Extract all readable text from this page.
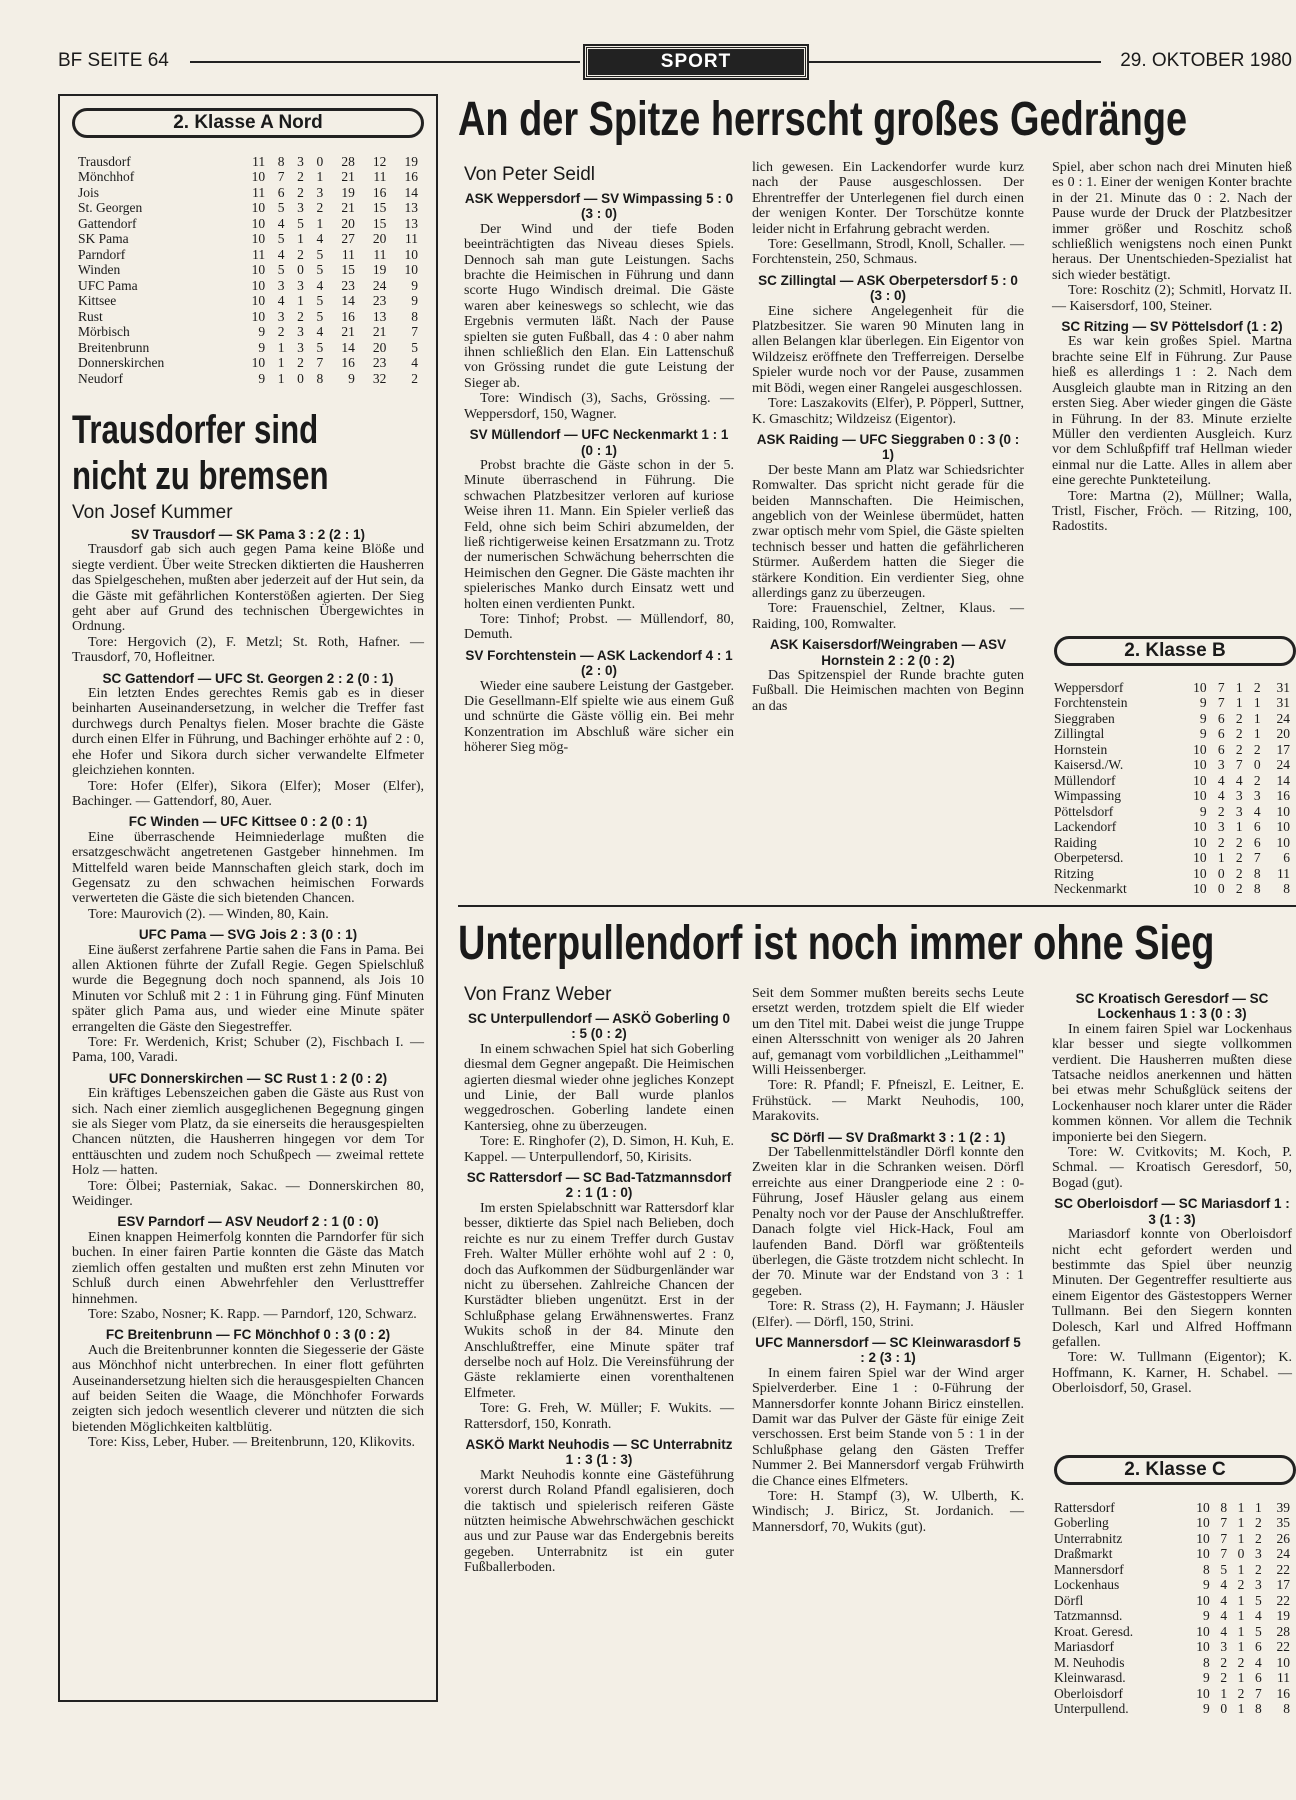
BF SEITE 64	SPORT	29. OKTOBER 1980
2. Klasse A Nord
Trausdorf	11	8	3	0	28	12	19
Mönchhof	10	7	2	1	21	11	16
Jois	11	6	2	3	19	16	14
St. Georgen	10	5	3	2	21	15	13
Gattendorf	10	4	5	1	20	15	13
SK Pama	10	5	1	4	27	20	11
Parndorf	11	4	2	5	11	11	10
Winden	10	5	0	5	15	19	10
UFC Pama	10	3	3	4	23	24	9
Kittsee	10	4	1	5	14	23	9
Rust	10	3	2	5	16	13	8
Mörbisch	9	2	3	4	21	21	7
Breitenbrunn	9	1	3	5	14	20	5
Donnerskirchen	10	1	2	7	16	23	4
Neudorf	9	1	0	8	9	32	2
Trausdorfer sind
nicht zu bremsen
Von Josef Kummer

SV Trausdorf — SK Pama 3 : 2 (2 : 1)

Trausdorf gab sich auch gegen Pama keine Blöße und siegte verdient. Über weite Strecken diktierten die Hausherren das Spielgeschehen, mußten aber jederzeit auf der Hut sein, da die Gäste mit gefährlichen Konterstößen agierten. Der Sieg geht aber auf Grund des technischen Übergewichtes in Ordnung.

Tore: Hergovich (2), F. Metzl; St. Roth, Hafner. — Trausdorf, 70, Hofleitner.

SC Gattendorf — UFC St. Georgen 2 : 2 (0 : 1)

Ein letzten Endes gerechtes Remis gab es in dieser beinharten Auseinandersetzung, in welcher die Treffer fast durchwegs durch Penaltys fielen. Moser brachte die Gäste durch einen Elfer in Führung, und Bachinger erhöhte auf 2 : 0, ehe Hofer und Sikora durch sicher verwandelte Elfmeter gleichziehen konnten.

Tore: Hofer (Elfer), Sikora (Elfer); Moser (Elfer), Bachinger. — Gattendorf, 80, Auer.

FC Winden — UFC Kittsee 0 : 2 (0 : 1)

Eine überraschende Heimniederlage mußten die ersatzgeschwächt angetretenen Gastgeber hinnehmen. Im Mittelfeld waren beide Mannschaften gleich stark, doch im Gegensatz zu den schwachen heimischen Forwards verwerteten die Gäste die sich bietenden Chancen.

Tore: Maurovich (2). — Winden, 80, Kain.

UFC Pama — SVG Jois 2 : 3 (0 : 1)

Eine äußerst zerfahrene Partie sahen die Fans in Pama. Bei allen Aktionen führte der Zufall Regie. Gegen Spielschluß wurde die Begegnung doch noch spannend, als Jois 10 Minuten vor Schluß mit 2 : 1 in Führung ging. Fünf Minuten später glich Pama aus, und wieder eine Minute später errangelten die Gäste den Siegestreffer.

Tore: Fr. Werdenich, Krist; Schuber (2), Fischbach I. — Pama, 100, Varadi.

UFC Donnerskirchen — SC Rust 1 : 2 (0 : 2)

Ein kräftiges Lebenszeichen gaben die Gäste aus Rust von sich. Nach einer ziemlich ausgeglichenen Begegnung gingen sie als Sieger vom Platz, da sie einerseits die herausgespielten Chancen nützten, die Hausherren hingegen vor dem Tor enttäuschten und zudem noch Schußpech — zweimal rettete Holz — hatten.

Tore: Ölbei; Pasterniak, Sakac. — Donnerskirchen 80, Weidinger.

ESV Parndorf — ASV Neudorf 2 : 1 (0 : 0)

Einen knappen Heimerfolg konnten die Parndorfer für sich buchen. In einer fairen Partie konnten die Gäste das Match ziemlich offen gestalten und mußten erst zehn Minuten vor Schluß durch einen Abwehrfehler den Verlusttreffer hinnehmen.

Tore: Szabo, Nosner; K. Rapp. — Parndorf, 120, Schwarz.

FC Breitenbrunn — FC Mönchhof 0 : 3 (0 : 2)

Auch die Breitenbrunner konnten die Siegesserie der Gäste aus Mönchhof nicht unterbrechen. In einer flott geführten Auseinandersetzung hielten sich die herausgespielten Chancen auf beiden Seiten die Waage, die Mönchhofer Forwards zeigten sich jedoch wesentlich cleverer und nützten die sich bietenden Möglichkeiten kaltblütig.

Tore: Kiss, Leber, Huber. — Breitenbrunn, 120, Klikovits.

An der Spitze herrscht großes Gedränge
Von Peter Seidl

ASK Weppersdorf — SV Wimpassing 5 : 0 (3 : 0)

Der Wind und der tiefe Boden beeinträchtigten das Niveau dieses Spiels. Dennoch sah man gute Leistungen. Sachs brachte die Heimischen in Führung und dann scorte Hugo Windisch dreimal. Die Gäste waren aber keineswegs so schlecht, wie das Ergebnis vermuten läßt. Nach der Pause spielten sie guten Fußball, das 4 : 0 aber nahm ihnen schließlich den Elan. Ein Lattenschuß von Grössing rundet die gute Leistung der Sieger ab.

Tore: Windisch (3), Sachs, Grössing. — Weppersdorf, 150, Wagner.

SV Müllendorf — UFC Neckenmarkt 1 : 1 (0 : 1)

Probst brachte die Gäste schon in der 5. Minute überraschend in Führung. Die schwachen Platzbesitzer verloren auf kuriose Weise ihren 11. Mann. Ein Spieler verließ das Feld, ohne sich beim Schiri abzumelden, der ließ richtigerweise keinen Ersatzmann zu. Trotz der numerischen Schwächung beherrschten die Heimischen den Gegner. Die Gäste machten ihr spielerisches Manko durch Einsatz wett und holten einen verdienten Punkt.

Tore: Tinhof; Probst. — Müllendorf, 80, Demuth.

SV Forchtenstein — ASK Lackendorf 4 : 1 (2 : 0)

Wieder eine saubere Leistung der Gastgeber. Die Gesellmann-Elf spielte wie aus einem Guß und schnürte die Gäste völlig ein. Bei mehr Konzentration im Abschluß wäre sicher ein höherer Sieg mög-

lich gewesen. Ein Lackendorfer wurde kurz nach der Pause ausgeschlossen. Der Ehrentreffer der Unterlegenen fiel durch einen der wenigen Konter. Der Torschütze konnte leider nicht in Erfahrung gebracht werden.

Tore: Gesellmann, Strodl, Knoll, Schaller. — Forchtenstein, 250, Schmaus.

SC Zillingtal — ASK Oberpetersdorf 5 : 0 (3 : 0)

Eine sichere Angelegenheit für die Platzbesitzer. Sie waren 90 Minuten lang in allen Belangen klar überlegen. Ein Eigentor von Wildzeisz eröffnete den Trefferreigen. Derselbe Spieler wurde noch vor der Pause, zusammen mit Bödi, wegen einer Rangelei ausgeschlossen.

Tore: Laszakovits (Elfer), P. Pöpperl, Suttner, K. Gmaschitz; Wildzeisz (Eigentor).

ASK Raiding — UFC Sieggraben 0 : 3 (0 : 1)

Der beste Mann am Platz war Schiedsrichter Romwalter. Das spricht nicht gerade für die beiden Mannschaften. Die Heimischen, angeblich von der Weinlese übermüdet, hatten zwar optisch mehr vom Spiel, die Gäste spielten technisch besser und hatten die gefährlicheren Stürmer. Außerdem hatten die Sieger die stärkere Kondition. Ein verdienter Sieg, ohne allerdings ganz zu überzeugen.

Tore: Frauenschiel, Zeltner, Klaus. — Raiding, 100, Romwalter.

ASK Kaisersdorf/Weingraben — ASV Hornstein 2 : 2 (0 : 2)

Das Spitzenspiel der Runde brachte guten Fußball. Die Heimischen machten von Beginn an das

Spiel, aber schon nach drei Minuten hieß es 0 : 1. Einer der wenigen Konter brachte in der 21. Minute das 0 : 2. Nach der Pause wurde der Druck der Platzbesitzer immer größer und Roschitz schoß schließlich wenigstens noch einen Punkt heraus. Der Unentschieden-Spezialist hat sich wieder bestätigt.

Tore: Roschitz (2); Schmitl, Horvatz II. — Kaisersdorf, 100, Steiner.

SC Ritzing — SV Pöttelsdorf (1 : 2)

Es war kein großes Spiel. Martna brachte seine Elf in Führung. Zur Pause hieß es allerdings 1 : 2. Nach dem Ausgleich glaubte man in Ritzing an den ersten Sieg. Aber wieder gingen die Gäste in Führung. In der 83. Minute erzielte Müller den verdienten Ausgleich. Kurz vor dem Schlußpfiff traf Hellman wieder einmal nur die Latte. Alles in allem aber eine gerechte Punkteteilung.

Tore: Martna (2), Müllner; Walla, Tristl, Fischer, Fröch. — Ritzing, 100, Radostits.

2. Klasse B
Weppersdorf	10	7	1	2	31
Forchtenstein	9	7	1	1	31
Sieggraben	9	6	2	1	24
Zillingtal	9	6	2	1	20
Hornstein	10	6	2	2	17
Kaisersd./W.	10	3	7	0	24
Müllendorf	10	4	4	2	14
Wimpassing	10	4	3	3	16
Pöttelsdorf	9	2	3	4	10
Lackendorf	10	3	1	6	10
Raiding	10	2	2	6	10
Oberpetersd.	10	1	2	7	6
Ritzing	10	0	2	8	11
Neckenmarkt	10	0	2	8	8
Unterpullendorf ist noch immer ohne Sieg
Von Franz Weber

SC Unterpullendorf — ASKÖ Goberling 0 : 5 (0 : 2)

In einem schwachen Spiel hat sich Goberling diesmal dem Gegner angepaßt. Die Heimischen agierten diesmal wieder ohne jegliches Konzept und Linie, der Ball wurde planlos weggedroschen. Goberling landete einen Kantersieg, ohne zu überzeugen.

Tore: E. Ringhofer (2), D. Simon, H. Kuh, E. Kappel. — Unterpullendorf, 50, Kirisits.

SC Rattersdorf — SC Bad-Tatzmannsdorf 2 : 1 (1 : 0)

Im ersten Spielabschnitt war Rattersdorf klar besser, diktierte das Spiel nach Belieben, doch reichte es nur zu einem Treffer durch Gustav Freh. Walter Müller erhöhte wohl auf 2 : 0, doch das Aufkommen der Südburgenländer war nicht zu übersehen. Zahlreiche Chancen der Kurstädter blieben ungenützt. Erst in der Schlußphase gelang Erwähnenswertes. Franz Wukits schoß in der 84. Minute den Anschlußtreffer, eine Minute später traf derselbe noch auf Holz. Die Vereinsführung der Gäste reklamierte einen vorenthaltenen Elfmeter.

Tore: G. Freh, W. Müller; F. Wukits. — Rattersdorf, 150, Konrath.

ASKÖ Markt Neuhodis — SC Unterrabnitz 1 : 3 (1 : 3)

Markt Neuhodis konnte eine Gästeführung vorerst durch Roland Pfandl egalisieren, doch die taktisch und spielerisch reiferen Gäste nützten heimische Abwehrschwächen geschickt aus und zur Pause war das Endergebnis bereits gegeben. Unterrabnitz ist ein guter Fußballerboden.

Seit dem Sommer mußten bereits sechs Leute ersetzt werden, trotzdem spielt die Elf wieder um den Titel mit. Dabei weist die junge Truppe einen Altersschnitt von weniger als 20 Jahren auf, gemanagt vom vorbildlichen „Leithammel" Willi Heissenberger.

Tore: R. Pfandl; F. Pfneiszl, E. Leitner, E. Frühstück. — Markt Neuhodis, 100, Marakovits.

SC Dörfl — SV Draßmarkt 3 : 1 (2 : 1)

Der Tabellenmittelständler Dörfl konnte den Zweiten klar in die Schranken weisen. Dörfl erreichte aus einer Drangperiode eine 2 : 0-Führung, Josef Häusler gelang aus einem Penalty noch vor der Pause der Anschlußtreffer. Danach folgte viel Hick-Hack, Foul am laufenden Band. Dörfl war größtenteils überlegen, die Gäste trotzdem nicht schlecht. In der 70. Minute war der Endstand von 3 : 1 gegeben.

Tore: R. Strass (2), H. Faymann; J. Häusler (Elfer). — Dörfl, 150, Strini.

UFC Mannersdorf — SC Kleinwarasdorf 5 : 2 (3 : 1)

In einem fairen Spiel war der Wind arger Spielverderber. Eine 1 : 0-Führung der Mannersdorfer konnte Johann Biricz einstellen. Damit war das Pulver der Gäste für einige Zeit verschossen. Erst beim Stande von 5 : 1 in der Schlußphase gelang den Gästen Treffer Nummer 2. Bei Mannersdorf vergab Frühwirth die Chance eines Elfmeters.

Tore: H. Stampf (3), W. Ulberth, K. Windisch; J. Biricz, St. Jordanich. — Mannersdorf, 70, Wukits (gut).

SC Kroatisch Geresdorf — SC Lockenhaus 1 : 3 (0 : 3)

In einem fairen Spiel war Lockenhaus klar besser und siegte vollkommen verdient. Die Hausherren mußten diese Tatsache neidlos anerkennen und hätten bei etwas mehr Schußglück seitens der Lockenhauser noch klarer unter die Räder kommen können. Vor allem die Technik imponierte bei den Siegern.

Tore: W. Cvitkovits; M. Koch, P. Schmal. — Kroatisch Geresdorf, 50, Bogad (gut).

SC Oberloisdorf — SC Mariasdorf 1 : 3 (1 : 3)

Mariasdorf konnte von Oberloisdorf nicht echt gefordert werden und bestimmte das Spiel über neunzig Minuten. Der Gegentreffer resultierte aus einem Eigentor des Gästestoppers Werner Tullmann. Bei den Siegern konnten Dolesch, Karl und Alfred Hoffmann gefallen.

Tore: W. Tullmann (Eigentor); K. Hoffmann, K. Karner, H. Schabel. — Oberloisdorf, 50, Grasel.

2. Klasse C
Rattersdorf	10	8	1	1	39
Goberling	10	7	1	2	35
Unterrabnitz	10	7	1	2	26
Draßmarkt	10	7	0	3	24
Mannersdorf	8	5	1	2	22
Lockenhaus	9	4	2	3	17
Dörfl	10	4	1	5	22
Tatzmannsd.	9	4	1	4	19
Kroat. Geresd.	10	4	1	5	28
Mariasdorf	10	3	1	6	22
M. Neuhodis	8	2	2	4	10
Kleinwarasd.	9	2	1	6	11
Oberloisdorf	10	1	2	7	16
Unterpullend.	9	0	1	8	8
